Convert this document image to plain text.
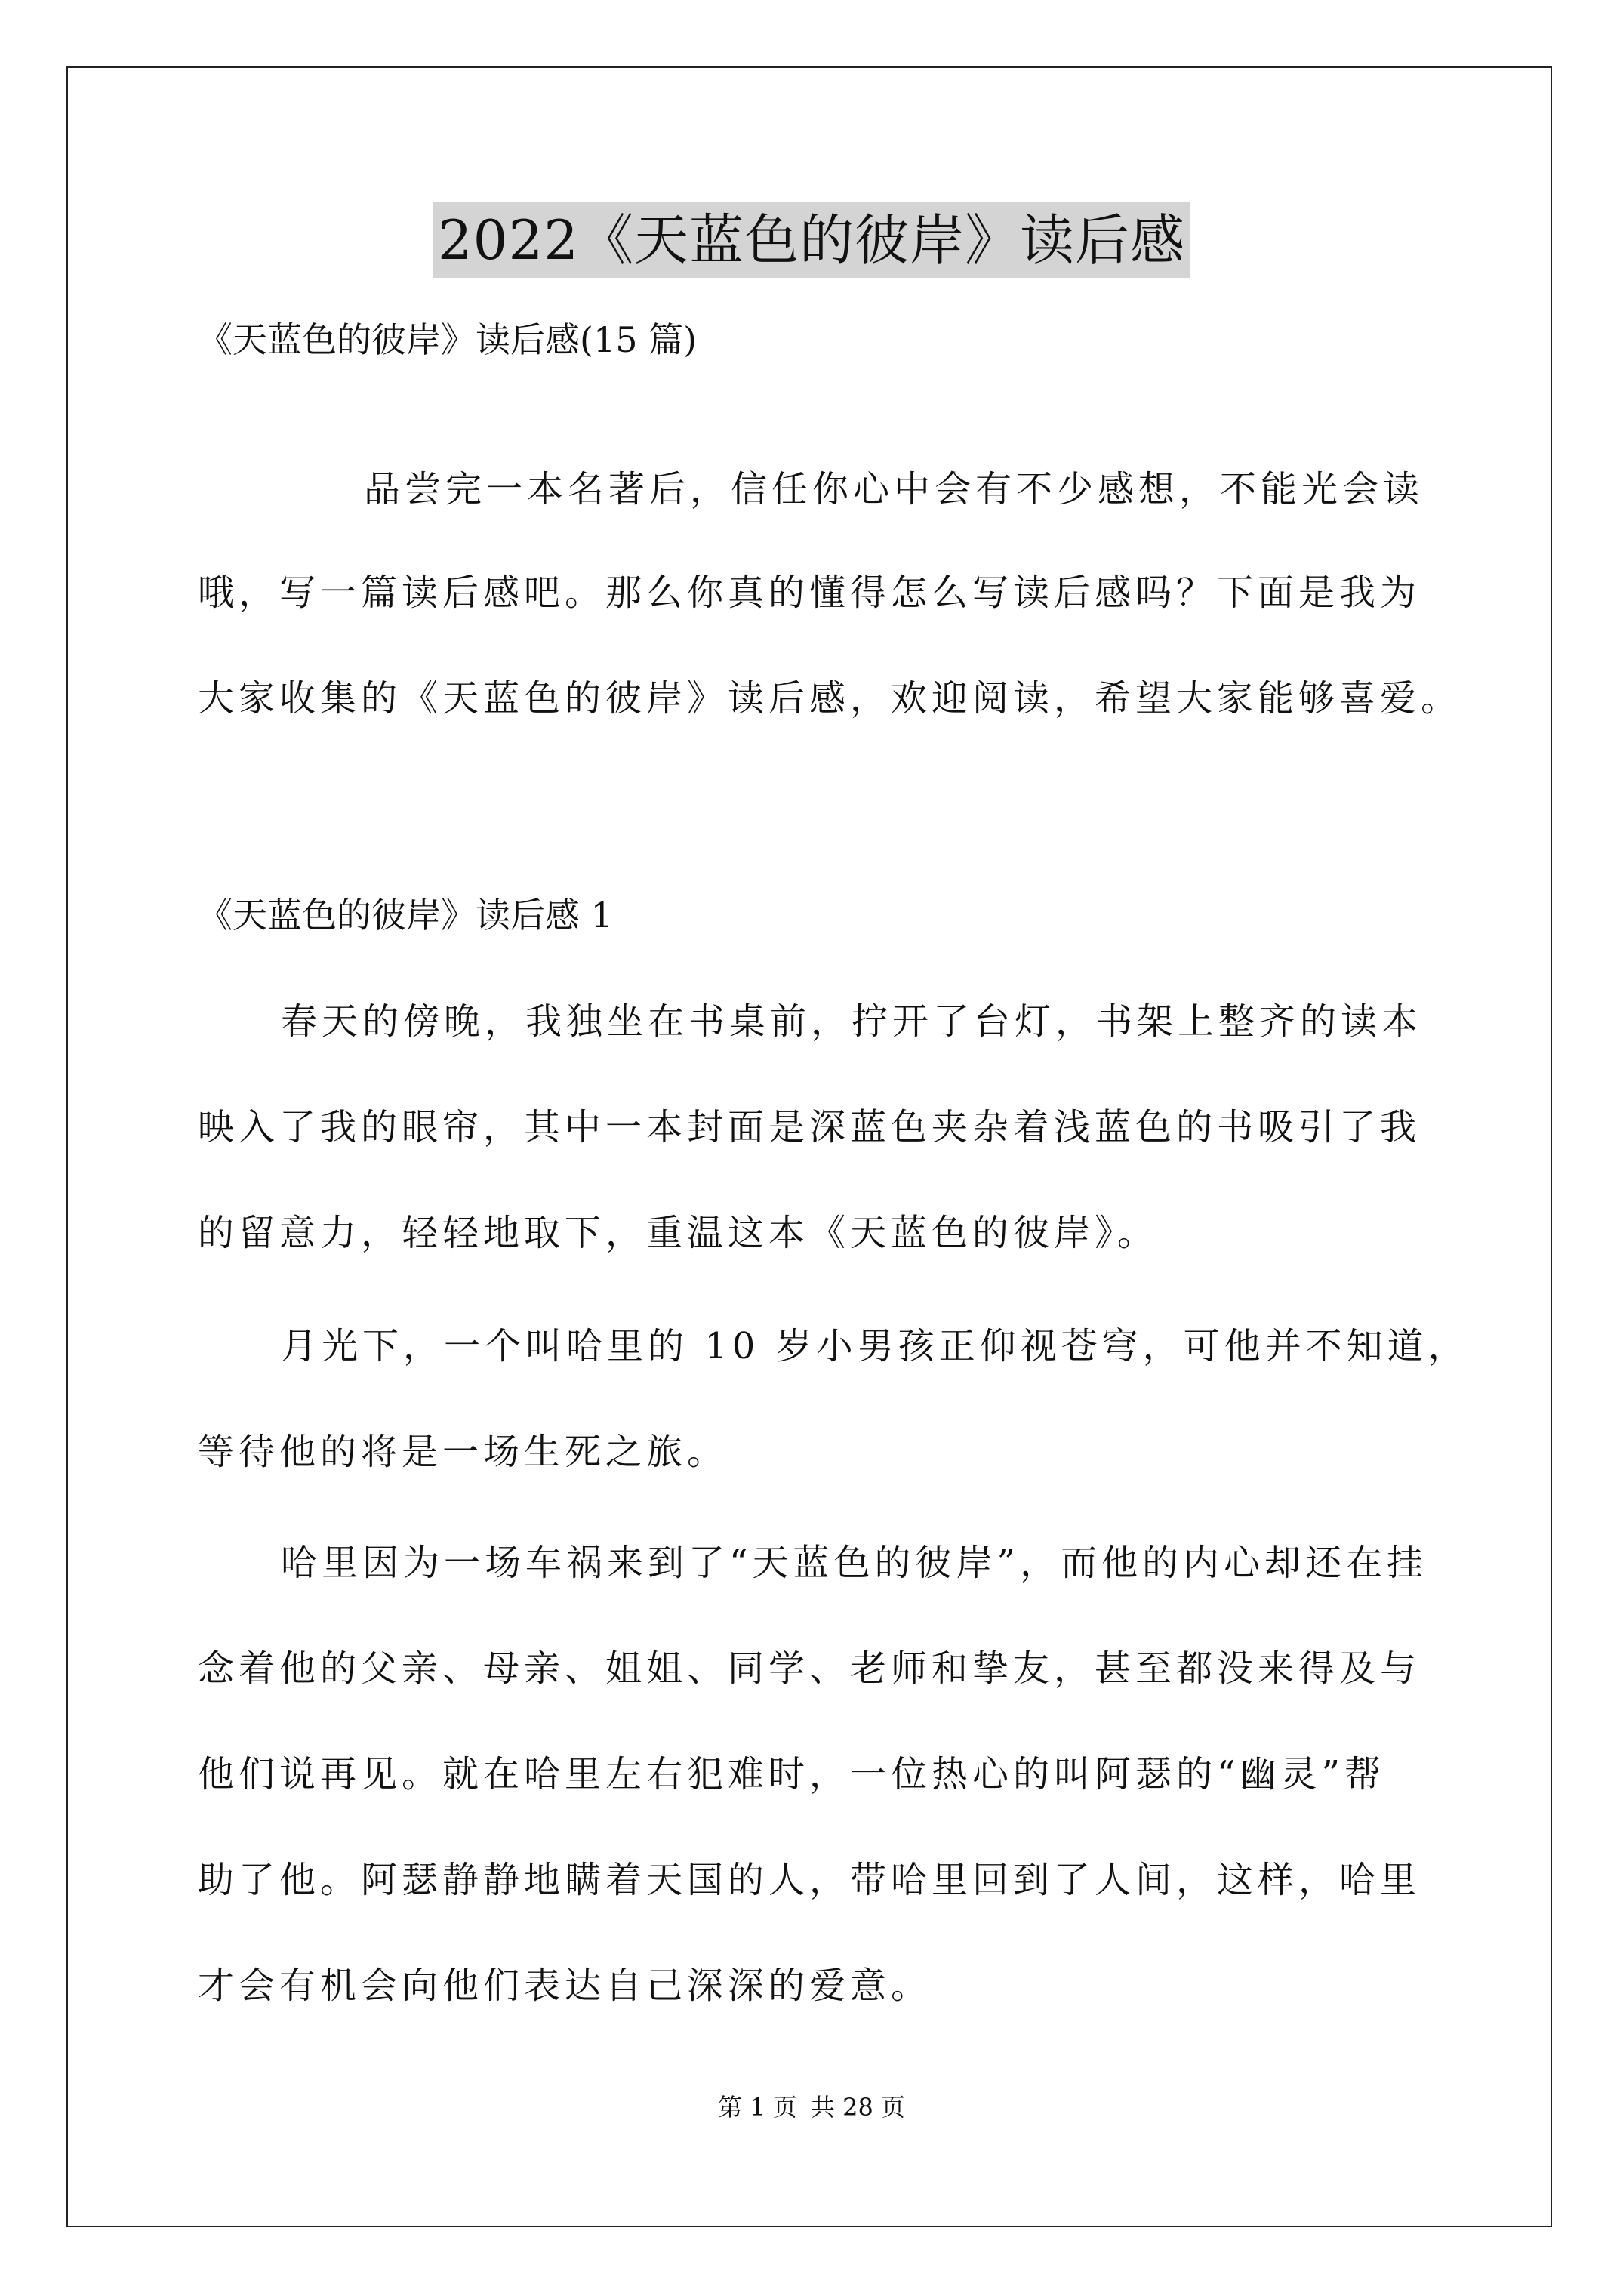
2022《天蓝色的彼岸》读后感
《天蓝色的彼岸》读后感(15 篇)
品尝完一本名著后，信任你心中会有不少感想，不能光会读
哦，写一篇读后感吧。那么你真的懂得怎么写读后感吗？下面是我为
大家收集的《天蓝色的彼岸》读后感，欢迎阅读，希望大家能够喜爱。
《天蓝色的彼岸》读后感 1
春天的傍晚，我独坐在书桌前，拧开了台灯，书架上整齐的读本
映入了我的眼帘，其中一本封面是深蓝色夹杂着浅蓝色的书吸引了我
的留意力，轻轻地取下，重温这本《天蓝色的彼岸》。
月光下，一个叫哈里的 10 岁小男孩正仰视苍穹，可他并不知道，
等待他的将是一场生死之旅。
哈里因为一场车祸来到了“天蓝色的彼岸”，而他的内心却还在挂
念着他的父亲、母亲、姐姐、同学、老师和挚友，甚至都没来得及与
他们说再见。就在哈里左右犯难时，一位热心的叫阿瑟的“幽灵”帮
助了他。阿瑟静静地瞒着天国的人，带哈里回到了人间，这样，哈里
才会有机会向他们表达自己深深的爱意。
第 1 页 共 28 页
